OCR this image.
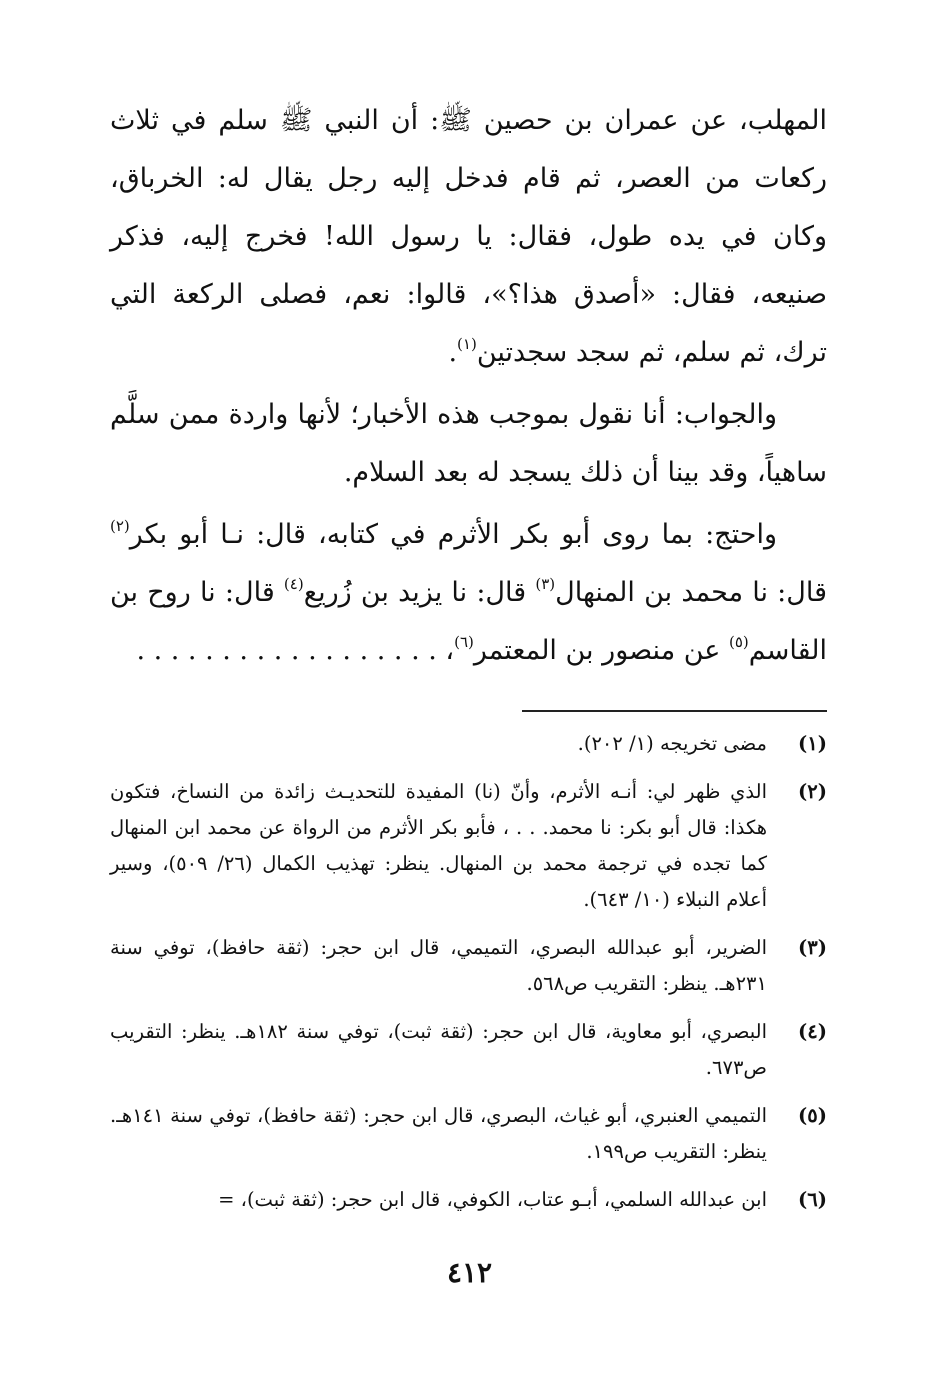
المهلب، عن عمران بن حصين ﷺ: أن النبي ﷺ سلم في ثلاث ركعات من العصر، ثم قام فدخل إليه رجل يقال له: الخرباق، وكان في يده طول، فقال: يا رسول الله! فخرج إليه، فذكر صنيعه، فقال: «أصدق هذا؟»، قالوا: نعم، فصلى الركعة التي ترك، ثم سلم، ثم سجد سجدتين$^{(١)}$.

والجواب: أنا نقول بموجب هذه الأخبار؛ لأنها واردة ممن سلَّم ساهياً، وقد بينا أن ذلك يسجد له بعد السلام.

واحتج: بما روى أبو بكر الأثرم في كتابه، قال: نـا أبو بكر$^{(٢)}$ قال: نا محمد بن المنهال$^{(٣)}$ قال: نا يزيد بن زُريع$^{(٤)}$ قال: نا روح بن القاسم$^{(٥)}$ عن منصور بن المعتمر$^{(٦)}$، . . . . . . . . . . . . . . . . . .

(١)
مضى تخريجه (١/ ٢٠٢).
(٢)
الذي ظهر لي: أنـه الأثرم، وأنّ (نا) المفيدة للتحديـث زائدة من النساخ، فتكون هكذا: قال أبو بكر: نا محمد. . . ، فأبو بكر الأثرم من الرواة عن محمد ابن المنهال كما تجده في ترجمة محمد بن المنهال. ينظر: تهذيب الكمال (٢٦/ ٥٠٩)، وسير أعلام النبلاء (١٠/ ٦٤٣).
(٣)
الضرير، أبو عبدالله البصري، التميمي، قال ابن حجر: (ثقة حافظ)، توفي سنة ٢٣١هـ. ينظر: التقريب ص٥٦٨.
(٤)
البصري، أبو معاوية، قال ابن حجر: (ثقة ثبت)، توفي سنة ١٨٢هـ. ينظر: التقريب ص٦٧٣.
(٥)
التميمي العنبري، أبو غياث، البصري، قال ابن حجر: (ثقة حافظ)، توفي سنة ١٤١هـ. ينظر: التقريب ص١٩٩.
(٦)
ابن عبدالله السلمي، أبـو عتاب، الكوفي، قال ابن حجر: (ثقة ثبت)، =
٤١٢
